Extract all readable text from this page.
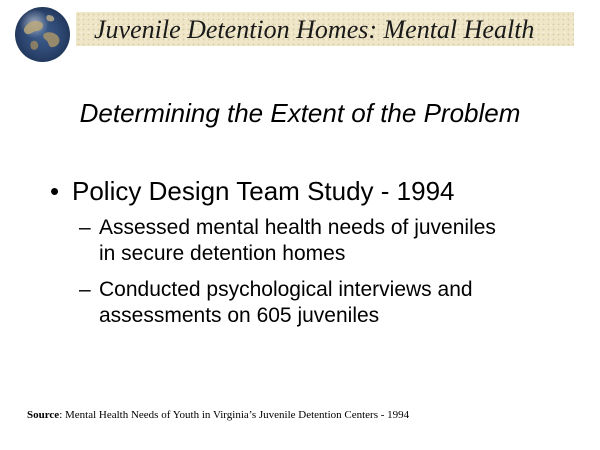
Juvenile Detention Homes: Mental Health
Determining the Extent of the Problem
• Policy Design Team Study - 1994
– Assessed mental health needs of juveniles
in secure detention homes
– Conducted psychological interviews and
assessments on 605 juveniles
Source: Mental Health Needs of Youth in Virginia’s Juvenile Detention Centers - 1994
